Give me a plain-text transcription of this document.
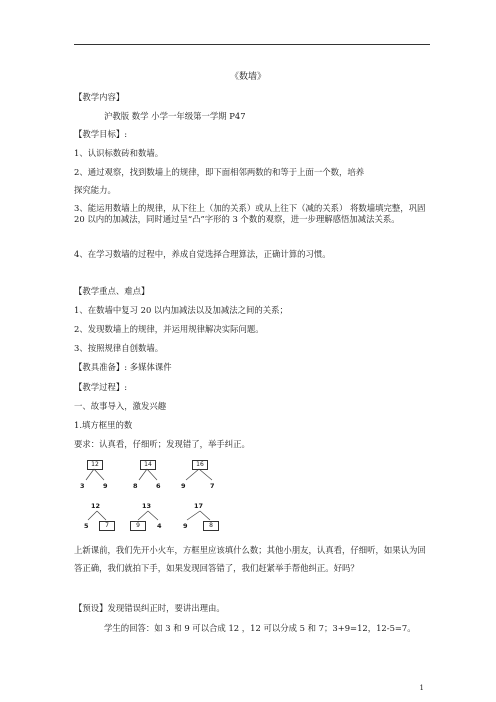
《数墙》
【教学内容】
沪教版 数学 小学一年级第一学期 P47
【教学目标】:
1、认识标数砖和数墙。
2、通过观察，找到数墙上的规律，即下面相邻两数的和等于上面一个数，培养
探究能力。
3、能运用数墙上的规律，从下往上（加的关系）或从上往下（减的关系） 将数墙填完整，巩固 20 以内的加减法，同时通过呈“凸”字形的 3 个数的观察，进一步理解感悟加减法关系。
4、在学习数墙的过程中，养成自觉选择合理算法，正确计算的习惯。
【教学重点、难点】
1、在数墙中复习 20 以内加减法以及加减法之间的关系；
2、发现数墙上的规律，并运用规律解决实际问题。
3、按照规律自创数墙。
【教具准备】: 多媒体课件
【教学过程】:
一、故事导入，激发兴趣
1.填方框里的数
要求：认真看，仔细听；发现错了，举手纠正。
12
3	9
14
8	6
16
9	7
12
5	7
13
9	4
17
9	8
上新课前，我们先开小火车，方框里应该填什么数；其他小朋友，认真看，仔细听，如果认为回答正确，我们就拍下手，如果发现回答错了，我们赶紧举手帮他纠正。好吗？
【预设】发现错误纠正时，要讲出理由。
学生的回答：如 3 和 9 可以合成 12 ，12 可以分成 5 和 7；3+9=12，12-5=7。
1
